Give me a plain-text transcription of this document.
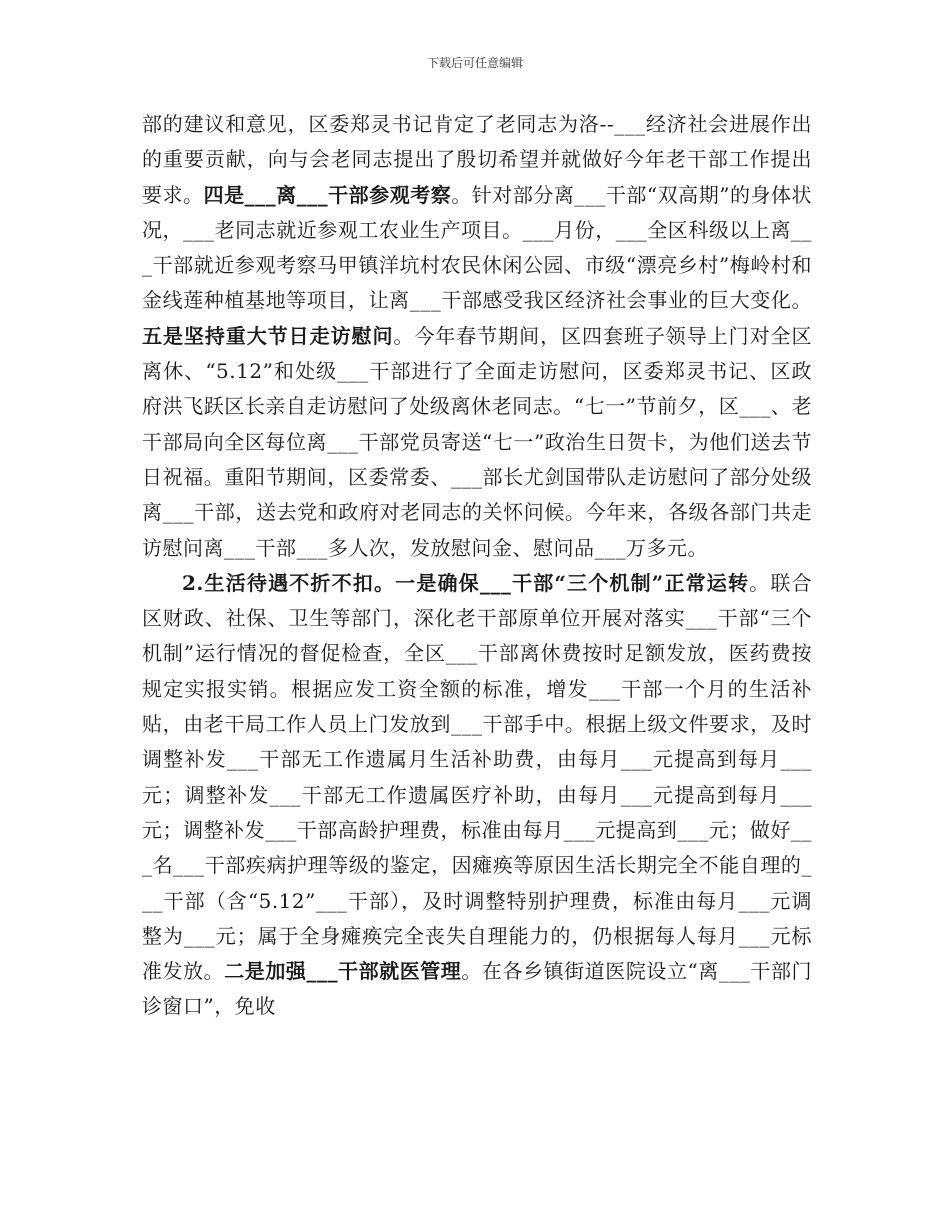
下载后可任意编辑

部的建议和意见，区委郑灵书记肯定了老同志为洛--___经济社会进展作出的重要贡献，向与会老同志提出了殷切希望并就做好今年老干部工作提出要求。四是___离___干部参观考察。针对部分离___干部“双高期”的身体状况，___老同志就近参观工农业生产项目。___月份，___全区科级以上离___干部就近参观考察马甲镇洋坑村农民休闲公园、市级“漂亮乡村”梅岭村和金线莲种植基地等项目，让离___干部感受我区经济社会事业的巨大变化。五是坚持重大节日走访慰问。今年春节期间，区四套班子领导上门对全区离休、“5.12”和处级___干部进行了全面走访慰问，区委郑灵书记、区政府洪飞跃区长亲自走访慰问了处级离休老同志。“七一”节前夕，区___、老干部局向全区每位离___干部党员寄送“七一”政治生日贺卡，为他们送去节日祝福。重阳节期间，区委常委、___部长尤剑国带队走访慰问了部分处级离___干部，送去党和政府对老同志的关怀问候。今年来，各级各部门共走访慰问离___干部___多人次，发放慰问金、慰问品___万多元。

2.生活待遇不折不扣。一是确保___干部“三个机制”正常运转。联合区财政、社保、卫生等部门，深化老干部原单位开展对落实___干部“三个机制”运行情况的督促检查，全区___干部离休费按时足额发放，医药费按规定实报实销。根据应发工资全额的标准，增发___干部一个月的生活补贴，由老干局工作人员上门发放到___干部手中。根据上级文件要求，及时调整补发___干部无工作遗属月生活补助费，由每月___元提高到每月___元；调整补发___干部无工作遗属医疗补助，由每月___元提高到每月___元；调整补发___干部高龄护理费，标准由每月___元提高到___元；做好___名___干部疾病护理等级的鉴定，因瘫痪等原因生活长期完全不能自理的___干部（含“5.12”___干部），及时调整特别护理费，标准由每月___元调整为___元；属于全身瘫痪完全丧失自理能力的，仍根据每人每月___元标准发放。二是加强___干部就医管理。在各乡镇街道医院设立“离___干部门诊窗口”，免收
